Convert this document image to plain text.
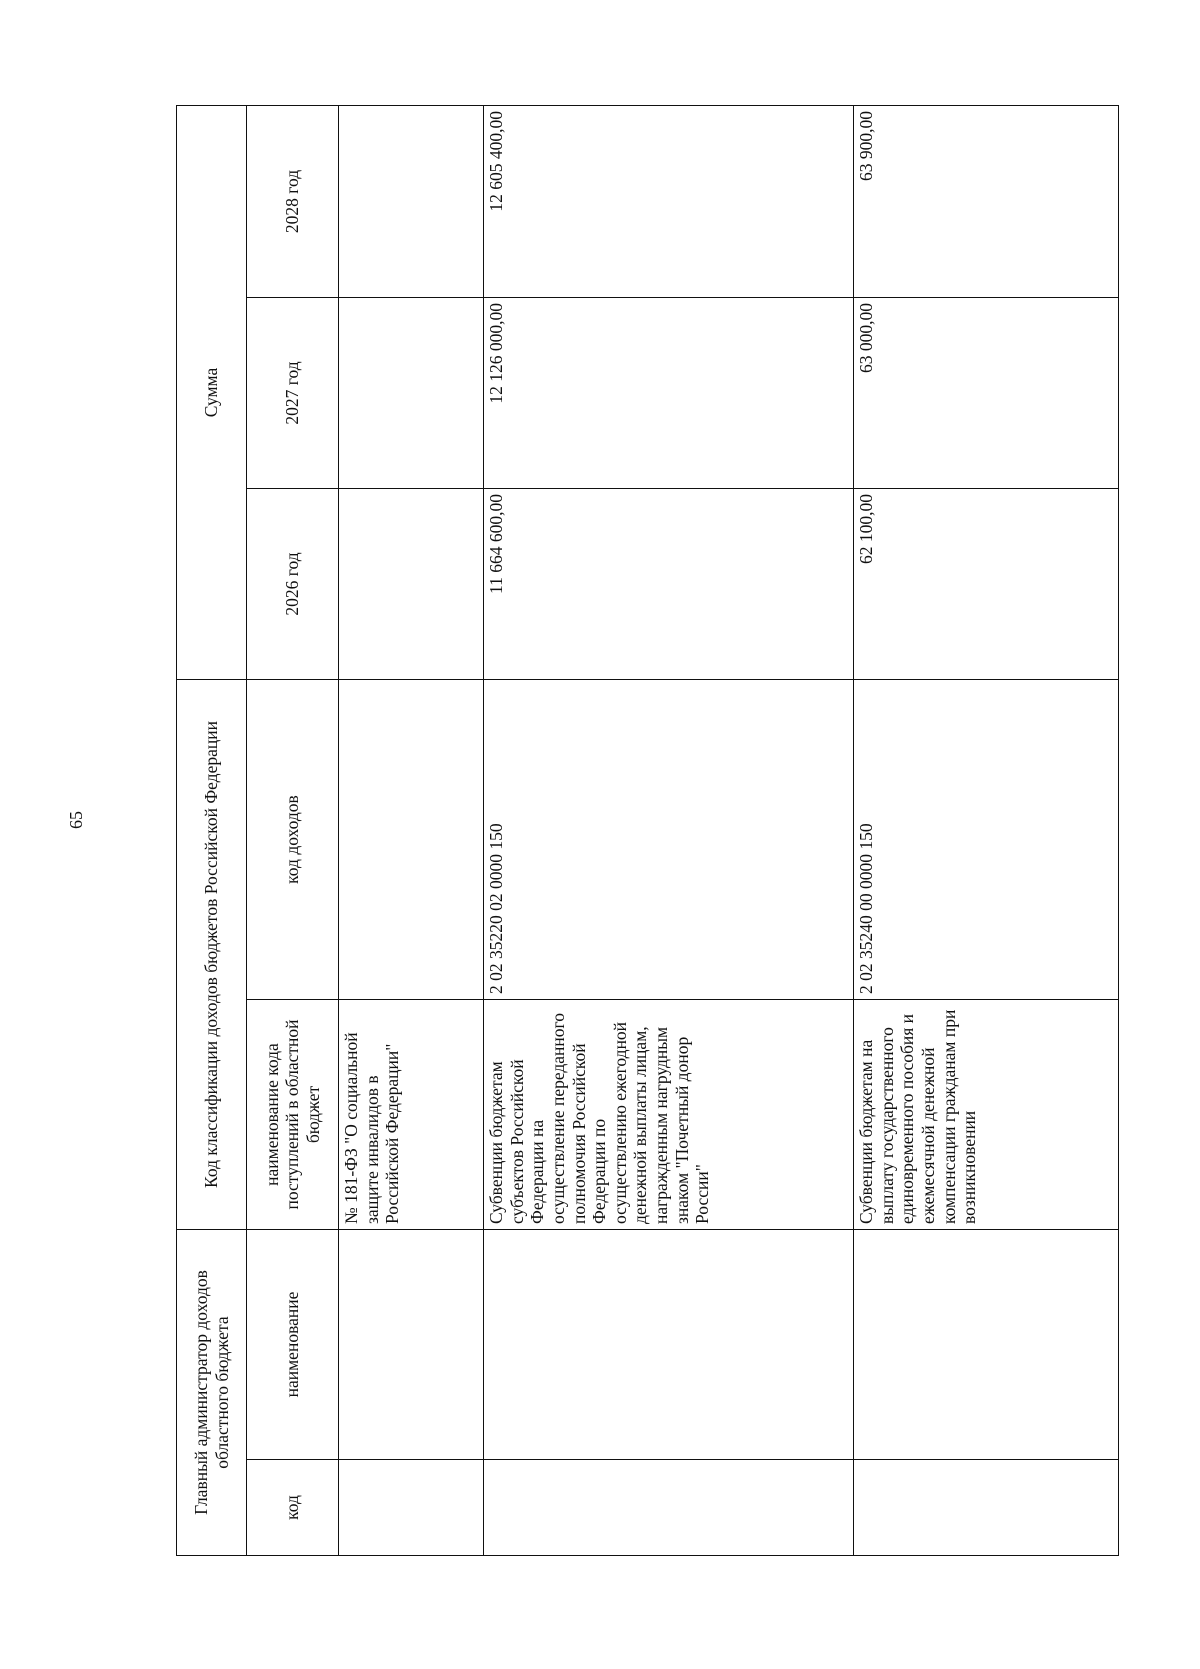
65
Главный администратор доходов областного бюджета		Код классификации доходов бюджетов Российской Федерации		Сумма		
код	наименование	наименование кода поступлений в областной бюджет	код доходов	2026 год	2027 год	2028 год
		№ 181-ФЗ "О социальной защите инвалидов в Российской Федерации"				
		Субвенции бюджетам субъектов Российской Федерации на осуществление переданного полномочия Российской Федерации по осуществлению ежегодной денежной выплаты лицам, награжденным нагрудным знаком "Почетный донор России"	2 02 35220 02 0000 150	11 664 600,00	12 126 000,00	12 605 400,00
		Субвенции бюджетам на выплату государственного единовременного пособия и ежемесячной денежной компенсации гражданам при возникновении	2 02 35240 00 0000 150	62 100,00	63 000,00	63 900,00
